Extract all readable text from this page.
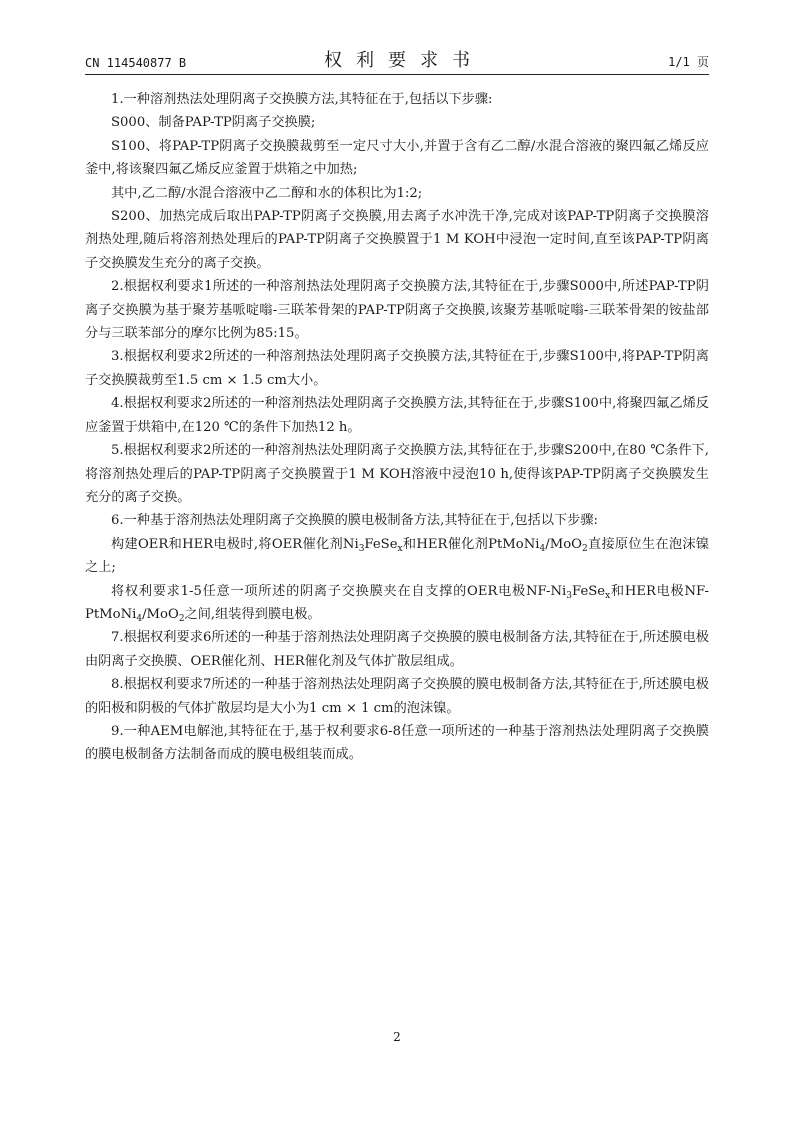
CN 114540877 B	权利要求书	1/1 页

1.一种溶剂热法处理阴离子交换膜方法,其特征在于,包括以下步骤:

S000、制备PAP-TP阴离子交换膜;

S100、将PAP-TP阴离子交换膜裁剪至一定尺寸大小,并置于含有乙二醇/水混合溶液的聚四氟乙烯反应釜中,将该聚四氟乙烯反应釜置于烘箱之中加热;

其中,乙二醇/水混合溶液中乙二醇和水的体积比为1:2;

S200、加热完成后取出PAP-TP阴离子交换膜,用去离子水冲洗干净,完成对该PAP-TP阴离子交换膜溶剂热处理,随后将溶剂热处理后的PAP-TP阴离子交换膜置于1 M KOH中浸泡一定时间,直至该PAP-TP阴离子交换膜发生充分的离子交换。

2.根据权利要求1所述的一种溶剂热法处理阴离子交换膜方法,其特征在于,步骤S000中,所述PAP-TP阴离子交换膜为基于聚芳基哌啶嗡-三联苯骨架的PAP-TP阴离子交换膜,该聚芳基哌啶嗡-三联苯骨架的铵盐部分与三联苯部分的摩尔比例为85:15。

3.根据权利要求2所述的一种溶剂热法处理阴离子交换膜方法,其特征在于,步骤S100中,将PAP-TP阴离子交换膜裁剪至1.5 cm × 1.5 cm大小。

4.根据权利要求2所述的一种溶剂热法处理阴离子交换膜方法,其特征在于,步骤S100中,将聚四氟乙烯反应釜置于烘箱中,在120 ℃的条件下加热12 h。

5.根据权利要求2所述的一种溶剂热法处理阴离子交换膜方法,其特征在于,步骤S200中,在80 ℃条件下,将溶剂热处理后的PAP-TP阴离子交换膜置于1 M KOH溶液中浸泡10 h,使得该PAP-TP阴离子交换膜发生充分的离子交换。

6.一种基于溶剂热法处理阴离子交换膜的膜电极制备方法,其特征在于,包括以下步骤:

构建OER和HER电极时,将OER催化剂$Ni_3FeSe_x$和HER催化剂PtMoNi$_4$/MoO$_2$直接原位生在泡沫镍之上;

将权利要求1-5任意一项所述的阴离子交换膜夹在自支撑的OER电极$NF-Ni_3FeSe_x$和HER电极NF-PtMoNi$_4$/MoO$_2$之间,组装得到膜电极。

7.根据权利要求6所述的一种基于溶剂热法处理阴离子交换膜的膜电极制备方法,其特征在于,所述膜电极由阴离子交换膜、OER催化剂、HER催化剂及气体扩散层组成。

8.根据权利要求7所述的一种基于溶剂热法处理阴离子交换膜的膜电极制备方法,其特征在于,所述膜电极的阳极和阴极的气体扩散层均是大小为1 cm × 1 cm的泡沫镍。

9.一种AEM电解池,其特征在于,基于权利要求6-8任意一项所述的一种基于溶剂热法处理阴离子交换膜的膜电极制备方法制备而成的膜电极组装而成。

2
